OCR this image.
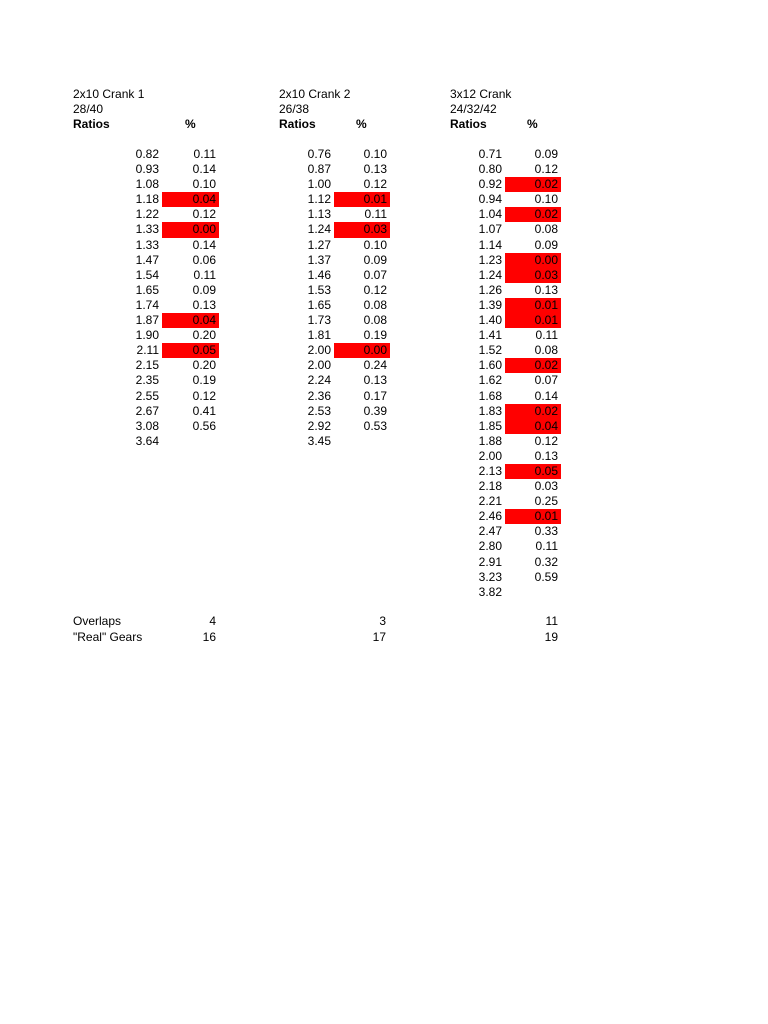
2x10 Crank 1
28/40
Ratios	%
0.82	0.11
0.93	0.14
1.08	0.10
1.18	0.04
1.22	0.12
1.33	0.00
1.33	0.14
1.47	0.06
1.54	0.11
1.65	0.09
1.74	0.13
1.87	0.04
1.90	0.20
2.11	0.05
2.15	0.20
2.35	0.19
2.55	0.12
2.67	0.41
3.08	0.56
3.64
2x10 Crank 2
26/38
Ratios	%
0.76	0.10
0.87	0.13
1.00	0.12
1.12	0.01
1.13	0.11
1.24	0.03
1.27	0.10
1.37	0.09
1.46	0.07
1.53	0.12
1.65	0.08
1.73	0.08
1.81	0.19
2.00	0.00
2.00	0.24
2.24	0.13
2.36	0.17
2.53	0.39
2.92	0.53
3.45
3x12 Crank
24/32/42
Ratios	%
0.71	0.09
0.80	0.12
0.92	0.02
0.94	0.10
1.04	0.02
1.07	0.08
1.14	0.09
1.23	0.00
1.24	0.03
1.26	0.13
1.39	0.01
1.40	0.01
1.41	0.11
1.52	0.08
1.60	0.02
1.62	0.07
1.68	0.14
1.83	0.02
1.85	0.04
1.88	0.12
2.00	0.13
2.13	0.05
2.18	0.03
2.21	0.25
2.46	0.01
2.47	0.33
2.80	0.11
2.91	0.32
3.23	0.59
3.82
Overlaps	4	3	11
"Real" Gears	16	17	19
